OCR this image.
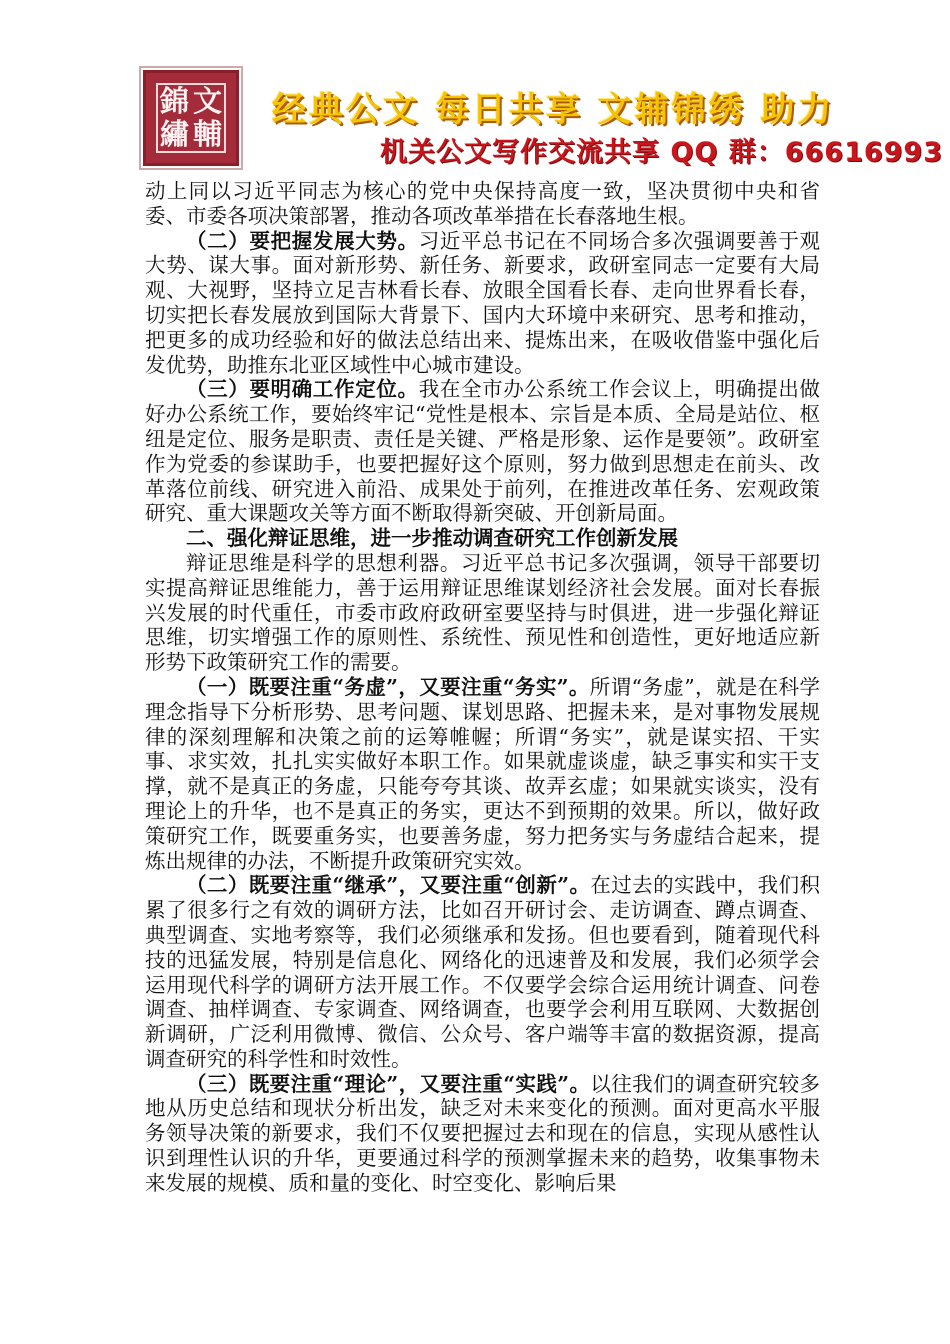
錦 文
繡 輔
经典公文 每日共享 文辅锦绣 助力
机关公文写作交流共享 QQ 群：66616993

动上同以习近平同志为核心的党中央保持高度一致，坚决贯彻中央和省委、市委各项决策部署，推动各项改革举措在长春落地生根。

（二）要把握发展大势。习近平总书记在不同场合多次强调要善于观大势、谋大事。面对新形势、新任务、新要求，政研室同志一定要有大局观、大视野，坚持立足吉林看长春、放眼全国看长春、走向世界看长春，切实把长春发展放到国际大背景下、国内大环境中来研究、思考和推动，把更多的成功经验和好的做法总结出来、提炼出来，在吸收借鉴中强化后发优势，助推东北亚区域性中心城市建设。

（三）要明确工作定位。我在全市办公系统工作会议上，明确提出做好办公系统工作，要始终牢记“党性是根本、宗旨是本质、全局是站位、枢纽是定位、服务是职责、责任是关键、严格是形象、运作是要领”。政研室作为党委的参谋助手，也要把握好这个原则，努力做到思想走在前头、改革落位前线、研究进入前沿、成果处于前列，在推进改革任务、宏观政策研究、重大课题攻关等方面不断取得新突破、开创新局面。

二、强化辩证思维，进一步推动调查研究工作创新发展

辩证思维是科学的思想利器。习近平总书记多次强调，领导干部要切实提高辩证思维能力，善于运用辩证思维谋划经济社会发展。面对长春振兴发展的时代重任，市委市政府政研室要坚持与时俱进，进一步强化辩证思维，切实增强工作的原则性、系统性、预见性和创造性，更好地适应新形势下政策研究工作的需要。

（一）既要注重“务虚”，又要注重“务实”。所谓“务虚”，就是在科学理念指导下分析形势、思考问题、谋划思路、把握未来，是对事物发展规律的深刻理解和决策之前的运筹帷幄；所谓“务实”，就是谋实招、干实事、求实效，扎扎实实做好本职工作。如果就虚谈虚，缺乏事实和实干支撑，就不是真正的务虚，只能夸夸其谈、故弄玄虚；如果就实谈实，没有理论上的升华，也不是真正的务实，更达不到预期的效果。所以，做好政策研究工作，既要重务实，也要善务虚，努力把务实与务虚结合起来，提炼出规律的办法，不断提升政策研究实效。

（二）既要注重“继承”，又要注重“创新”。在过去的实践中，我们积累了很多行之有效的调研方法，比如召开研讨会、走访调查、蹲点调查、典型调查、实地考察等，我们必须继承和发扬。但也要看到，随着现代科技的迅猛发展，特别是信息化、网络化的迅速普及和发展，我们必须学会运用现代科学的调研方法开展工作。不仅要学会综合运用统计调查、问卷调查、抽样调查、专家调查、网络调查，也要学会利用互联网、大数据创新调研，广泛利用微博、微信、公众号、客户端等丰富的数据资源，提高调查研究的科学性和时效性。

（三）既要注重“理论”，又要注重“实践”。以往我们的调查研究较多地从历史总结和现状分析出发，缺乏对未来变化的预测。面对更高水平服务领导决策的新要求，我们不仅要把握过去和现在的信息，实现从感性认识到理性认识的升华，更要通过科学的预测掌握未来的趋势，收集事物未来发展的规模、质和量的变化、时空变化、影响后果
